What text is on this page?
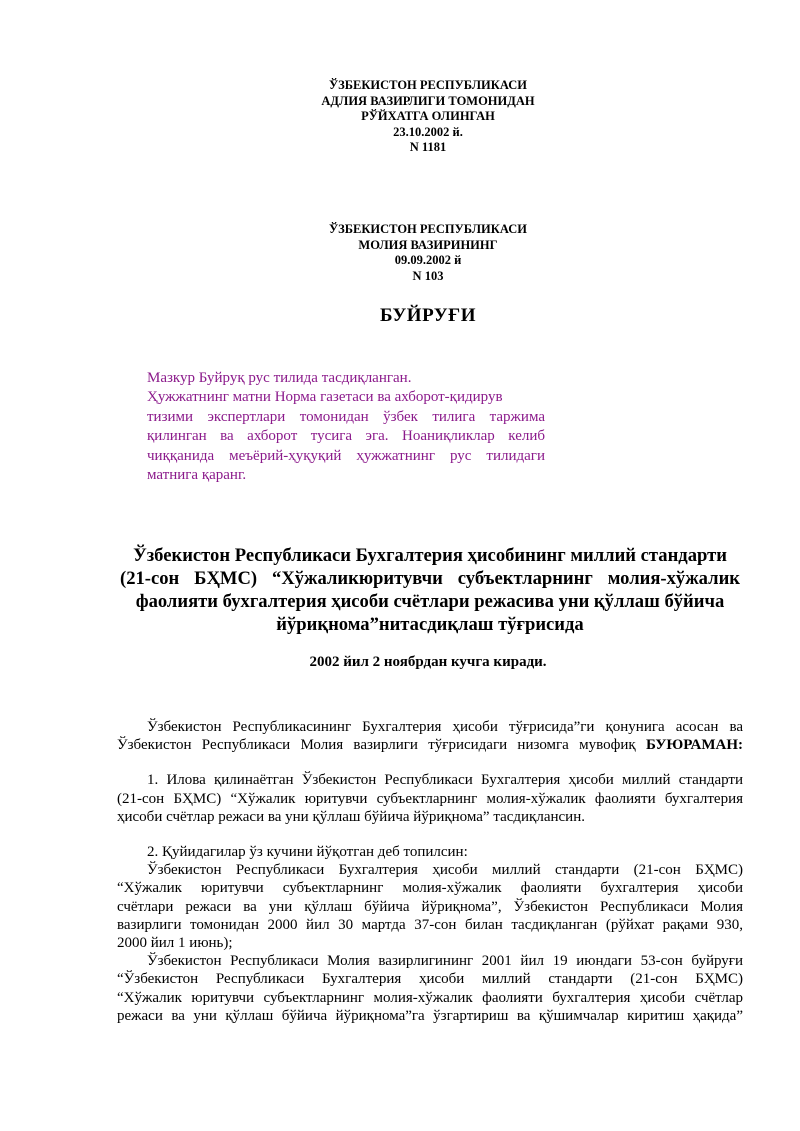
ЎЗБЕКИСТОН РЕСПУБЛИКАСИ
АДЛИЯ ВАЗИРЛИГИ ТОМОНИДАН
РЎЙХАТГА ОЛИНГАН
23.10.2002 й.
N 1181
ЎЗБЕКИСТОН РЕСПУБЛИКАСИ
МОЛИЯ ВАЗИРИНИНГ
09.09.2002 й
N 103
БУЙРУҒИ
Мазкур Буйруқ рус тилида тасдиқланган.
Ҳужжатнинг матни Норма газетаси ва ахборот-қидирув
тизими экспертлари томонидан ўзбек тилига таржима
қилинган ва ахборот тусига эга. Ноаниқликлар келиб
чиққанида меъёрий-ҳуқуқий ҳужжатнинг рус тилидаги
матнига қаранг.
Ўзбекистон Республикаси Бухгалтерия ҳисобининг миллий стандарти
(21-сон БҲМС) “Хўжаликюритувчи субъектларнинг молия-хўжалик
фаолияти бухгалтерия ҳисоби счётлари режасива уни қўллаш бўйича
йўриқнома”нитасдиқлаш тўғрисида
2002 йил 2 ноябрдан кучга киради.
Ўзбекистон Республикасининг Бухгалтерия ҳисоби тўғрисида”ги қонунига асосан ва
Ўзбекистон Республикаси Молия вазирлиги тўғрисидаги низомга мувофиқ БУЮРАМАН:
1. Илова қилинаётган Ўзбекистон Республикаси Бухгалтерия ҳисоби миллий стандарти
(21-сон БҲМС) “Хўжалик юритувчи субъектларнинг молия-хўжалик фаолияти бухгалтерия
ҳисоби счётлар режаси ва уни қўллаш бўйича йўриқнома” тасдиқлансин.
2. Қуйидагилар ўз кучини йўқотган деб топилсин:
Ўзбекистон Республикаси Бухгалтерия ҳисоби миллий стандарти (21-сон БҲМС)
“Хўжалик юритувчи субъектларнинг молия-хўжалик фаолияти бухгалтерия ҳисоби
счётлари режаси ва уни қўллаш бўйича йўриқнома”, Ўзбекистон Республикаси Молия
вазирлиги томонидан 2000 йил 30 мартда 37-сон билан тасдиқланган (рўйхат рақами 930,
2000 йил 1 июнь);
Ўзбекистон Республикаси Молия вазирлигининг 2001 йил 19 июндаги 53-сон буйруғи
“Ўзбекистон Республикаси Бухгалтерия ҳисоби миллий стандарти (21-сон БҲМС)
“Хўжалик юритувчи субъектларнинг молия-хўжалик фаолияти бухгалтерия ҳисоби счётлар
режаси ва уни қўллаш бўйича йўриқнома”га ўзгартириш ва қўшимчалар киритиш ҳақида”
